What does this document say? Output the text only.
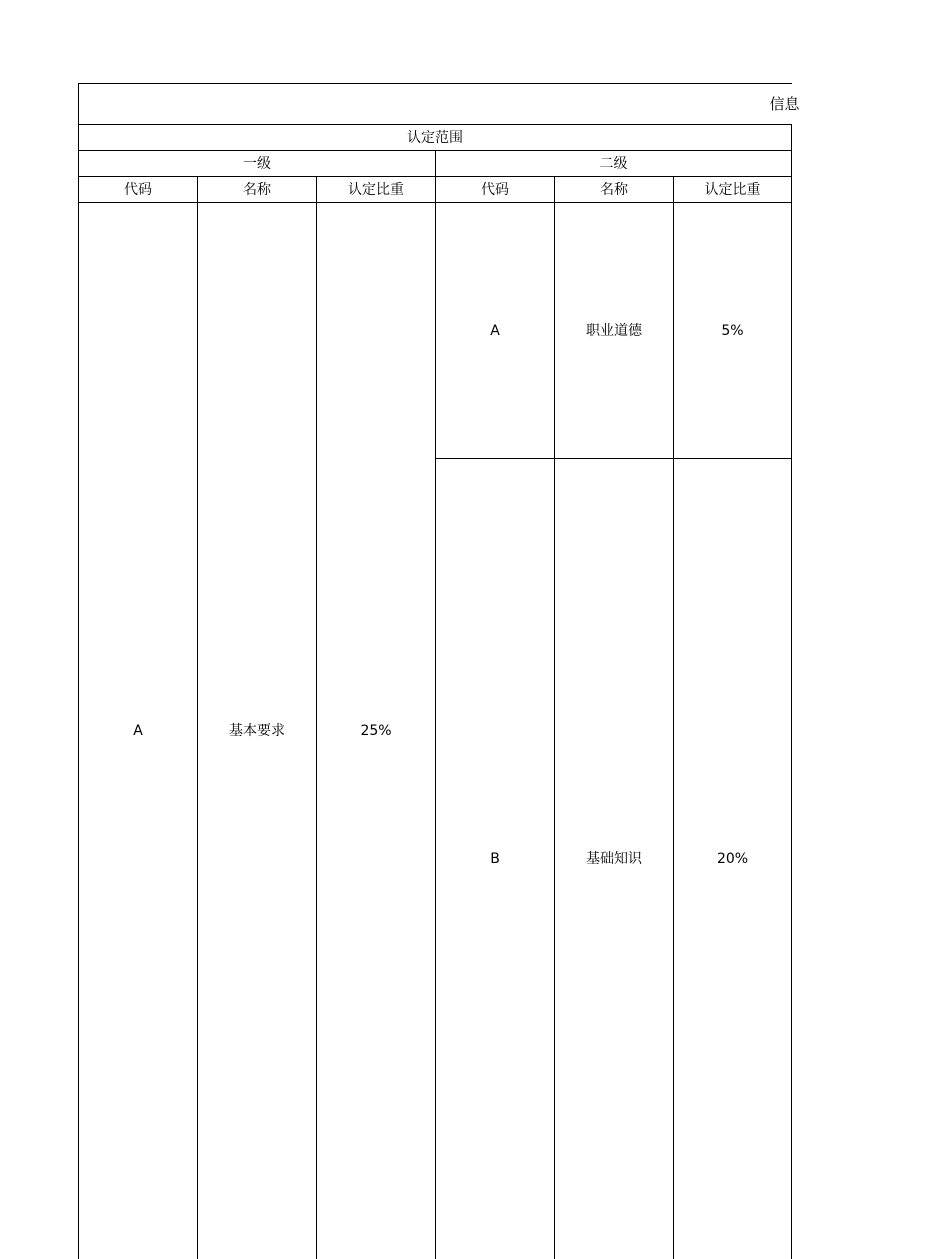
信息					
认定范围					
一级			二级		
代码	名称	认定比重	代码	名称	认定比重
A	基本要求	25%	A	职业道德	5%
			B	基础知识	20%
